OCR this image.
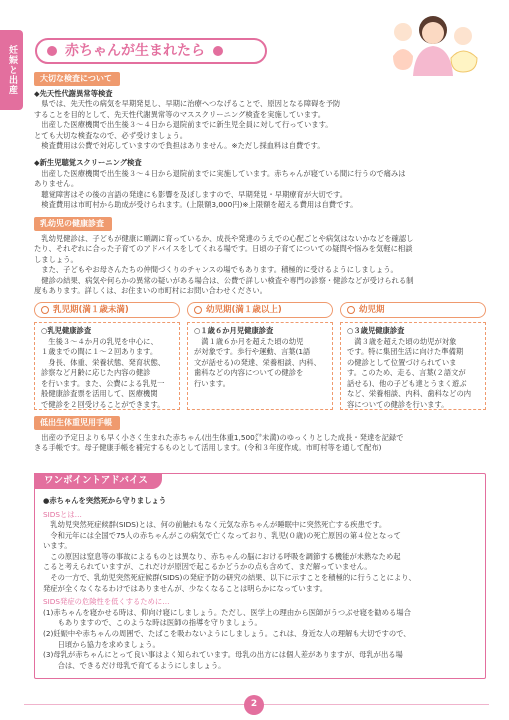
妊娠と出産	赤ちゃんが生まれたら
大切な検査について
◆先天性代謝異常等検査

　県では、先天性の病気を早期発見し、早期に治療へつなげることで、原因となる障碍を予防

することを目的として、先天性代謝異常等のマススクリーニング検査を実施しています。

　出産した医療機関で出生後３～４日から退院前までに新生児全員に対して行っています。

とても大切な検査なので、必ず受けましょう。

　検査費用は公費で対応していますので負担はありません。※ただし採血料は自費です。

◆新生児聴覚スクリーニング検査

　出産した医療機関で出生後３～４日から退院前までに実施しています。赤ちゃんが寝ている間に行うので痛みは

ありません。

　聴覚障害はその後の言語の発達にも影響を及ぼしますので、早期発見・早期療育が大切です。

　検査費用は市町村から助成が受けられます。(上限額3,000円)※上限額を超える費用は自費です。

乳幼児の健康診査

　乳幼児健診は、子どもが健康に順調に育っているか、成長や発達のうえでの心配ごとや病気はないかなどを確認し

たり、それぞれに合った子育てのアドバイスをしてくれる場です。日頃の子育てについての疑問や悩みを気軽に相談

しましょう。

　また、子どもやお母さんたちの仲間づくりのチャンスの場でもあります。積極的に受けるようにしましょう。

　健診の結果、病気や何らかの異常の疑いがある場合は、公費で詳しい検査や専門の診察・健診などが受けられる制

度もあります。詳しくは、お住まいの市町村にお問い合わせください。

乳児期(満１歳未満)
○乳児健康診査

　生後３～４か月の乳児を中心に、

１歳までの間に１～２回あります。

　身長、体重、栄養状態、発育状態、

診察など月齢に応じた内容の健診

を行います。また、公費による乳児一

般健康診査票を活用して、医療機関

で健診を２回受けることができます。

幼児期(満１歳以上)
○１歳６か月児健康診査

　満１歳６か月を超えた頃の幼児

が対象です。歩行や運動、言葉(1語

文が話せる)の発達、栄養相談、内科、

歯科などの内容についての健診を

行います。

幼児期
○３歳児健康診査

　満３歳を超えた頃の幼児が対象

です。特に集団生活に向けた準備期

の健診として位置づけられていま

す。このため、走る、言葉(２語文が

話せる)、他の子ども達とうまく遊ぶ

など、栄養相談、内科、歯科などの内

容についての健診を行います。

低出生体重児用手帳

　出産の予定日よりも早く小さく生まれた赤ちゃん(出生体重1,500㌘未満)のゆっくりとした成長・発達を記録で

きる手帳です。母子健康手帳を補完するものとして活用します。(令和３年度作成。市町村等を通して配布)

ワンポイントアドバイス
●赤ちゃんを突然死から守りましょう
SIDSとは…

　乳幼児突然死症候群(SIDS)とは、何の前触れもなく元気な赤ちゃんが睡眠中に突然死亡する疾患です。

　令和元年には全国で75人の赤ちゃんがこの病気で亡くなっており、乳児(０歳)の死亡原因の第４位となって

います。

　この原因は窒息等の事故によるものとは異なり、赤ちゃんの脳における呼吸を調節する機能が未熟なため起

こると考えられていますが、これだけが原因で起こるかどうかの点も含めて、まだ解っていません。

　その一方で、乳幼児突然死症候群(SIDS)の発症予防の研究の結果、以下に示すことを積極的に行うことにより、

発症が全くなくなるわけではありませんが、少なくなることは明らかになっています。

SIDS発症の危険性を低くするために…

(1)赤ちゃんを寝かせる時は、仰向け寝にしましょう。ただし、医学上の理由から医師がうつぶせ寝を勧める場合

　　もありますので、このような時は医師の指導を守りましょう。

(2)妊娠中や赤ちゃんの周囲で、たばこを吸わないようにしましょう。これは、身近な人の理解も大切ですので、

　　日頃から協力を求めましょう。

(3)母乳が赤ちゃんにとって良い事はよく知られています。母乳の出方には個人差がありますが、母乳が出る場

　　合は、できるだけ母乳で育てるようにしましょう。

2
